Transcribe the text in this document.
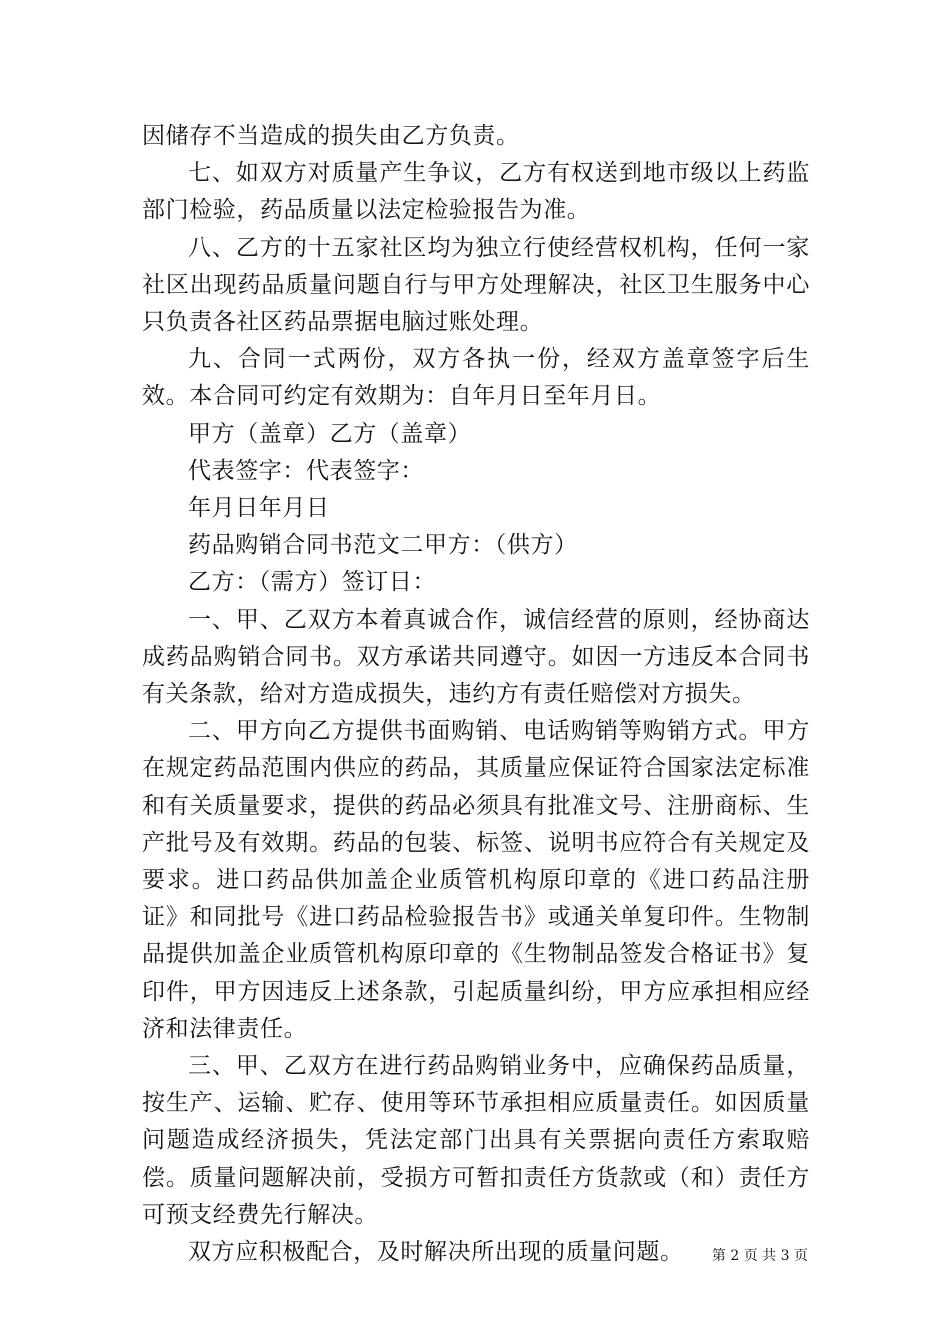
因储存不当造成的损失由乙方负责。

七、如双方对质量产生争议，乙方有权送到地市级以上药监部门检验，药品质量以法定检验报告为准。

八、乙方的十五家社区均为独立行使经营权机构，任何一家社区出现药品质量问题自行与甲方处理解决，社区卫生服务中心只负责各社区药品票据电脑过账处理。

九、合同一式两份，双方各执一份，经双方盖章签字后生效。本合同可约定有效期为：自年月日至年月日。

甲方（盖章）乙方（盖章）

代表签字：代表签字：

年月日年月日

药品购销合同书范文二甲方：（供方）

乙方：（需方）签订日：

一、甲、乙双方本着真诚合作，诚信经营的原则，经协商达成药品购销合同书。双方承诺共同遵守。如因一方违反本合同书有关条款，给对方造成损失，违约方有责任赔偿对方损失。

二、甲方向乙方提供书面购销、电话购销等购销方式。甲方在规定药品范围内供应的药品，其质量应保证符合国家法定标准和有关质量要求，提供的药品必须具有批准文号、注册商标、生产批号及有效期。药品的包装、标签、说明书应符合有关规定及要求。进口药品供加盖企业质管机构原印章的《进口药品注册证》和同批号《进口药品检验报告书》或通关单复印件。生物制品提供加盖企业质管机构原印章的《生物制品签发合格证书》复印件，甲方因违反上述条款，引起质量纠纷，甲方应承担相应经济和法律责任。

三、甲、乙双方在进行药品购销业务中，应确保药品质量，按生产、运输、贮存、使用等环节承担相应质量责任。如因质量问题造成经济损失，凭法定部门出具有关票据向责任方索取赔偿。质量问题解决前，受损方可暂扣责任方货款或（和）责任方可预支经费先行解决。

双方应积极配合，及时解决所出现的质量问题。	第 2 页 共 3 页
